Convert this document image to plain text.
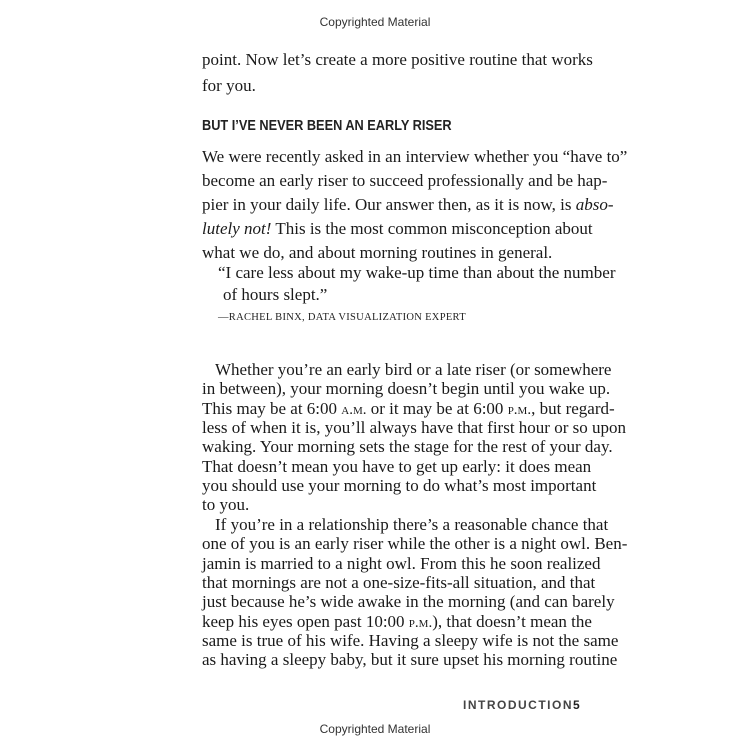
Copyrighted Material
point. Now let’s create a more positive routine that works
for you.
BUT I’VE NEVER BEEN AN EARLY RISER
We were recently asked in an interview whether you “have to”
become an early riser to succeed professionally and be hap-
pier in your daily life. Our answer then, as it is now, is abso-
lutely not! This is the most common misconception about
what we do, and about morning routines in general.
“I care less about my wake-up time than about the number
of hours slept.”
—RACHEL BINX, DATA VISUALIZATION EXPERT
Whether you’re an early bird or a late riser (or somewhere
in between), your morning doesn’t begin until you wake up.
This may be at 6:00 a.m. or it may be at 6:00 p.m., but regard-
less of when it is, you’ll always have that first hour or so upon
waking. Your morning sets the stage for the rest of your day.
That doesn’t mean you have to get up early: it does mean
you should use your morning to do what’s most important
to you.
If you’re in a relationship there’s a reasonable chance that
one of you is an early riser while the other is a night owl. Ben-
jamin is married to a night owl. From this he soon realized
that mornings are not a one-size-fits-all situation, and that
just because he’s wide awake in the morning (and can barely
keep his eyes open past 10:00 p.m.), that doesn’t mean the
same is true of his wife. Having a sleepy wife is not the same
as having a sleepy baby, but it sure upset his morning routine
INTRODUCTION 5
Copyrighted Material
